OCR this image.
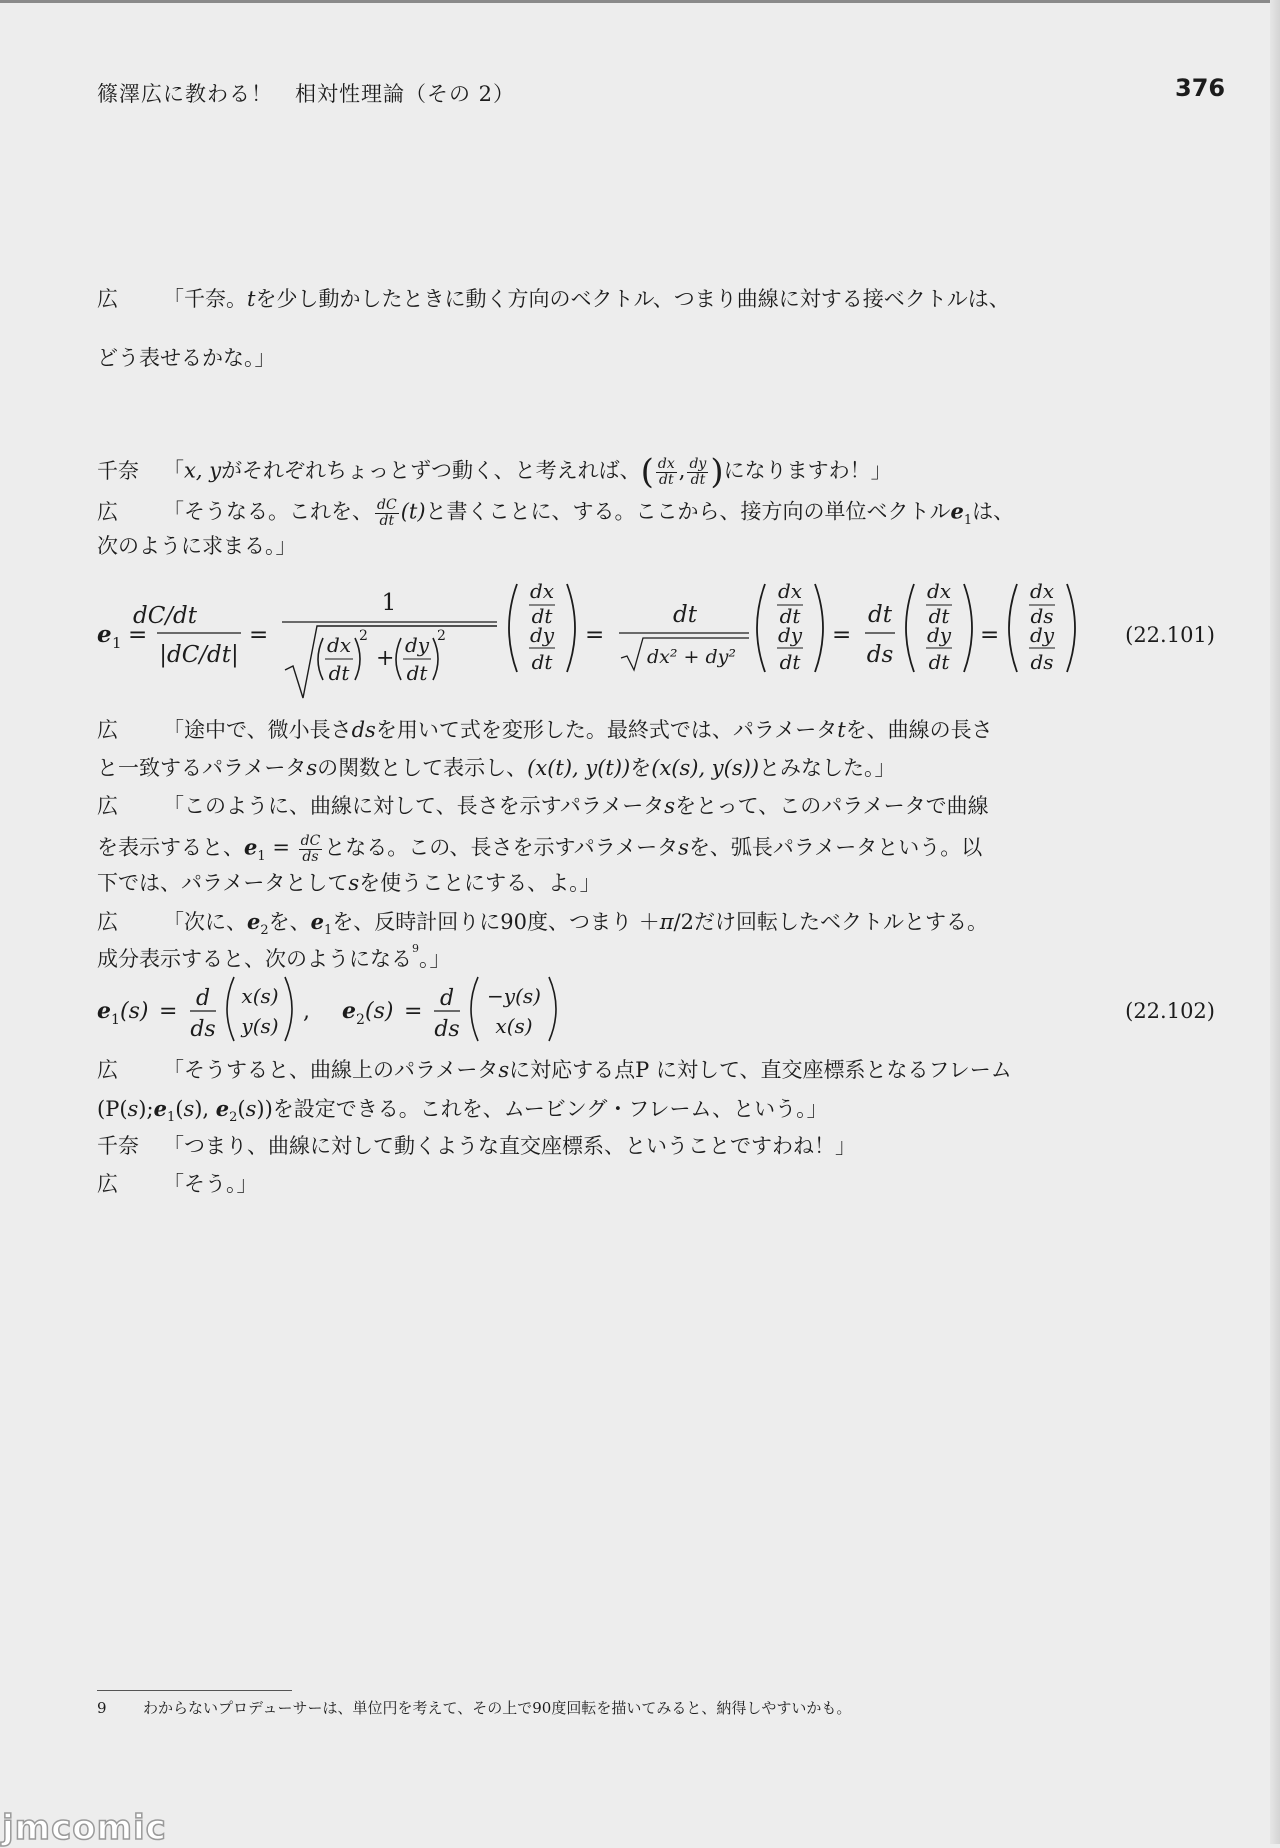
篠澤広に教わる！　相対性理論（その 2）	376
広 「千奈。tを少し動かしたときに動く方向のベクトル、つまり曲線に対する接ベクトルは、
どう表せるかな。」
千奈 「x, yがそれぞれちょっとずつ動く、と考えれば、( $\frac{dx}{dt}$ , $\frac{dy}{dt}$ )になりますわ！」
広 「そうなる。これを、 $\frac{dC}{dt} (t)$と書くことに、する。ここから、接方向の単位ベクトル$e_1$は、
次のように求まる。」
e 1 =
dC/dt
|dC/dt|
=
1
dx
dt
2
+
dy
dt
2
dx
dt
dy
dt
=
dt
dx² + dy²
dx
dt
dy
dt
=
dt
ds
dx
dt
dy
dt
=
dx
ds
dy
ds
(22.101)
広 「途中で、微小長さdsを用いて式を変形した。最終式では、パラメータtを、曲線の長さ
と一致するパラメータsの関数として表示し、(x(t), y(t))を(x(s), y(s))とみなした。」
広 「このように、曲線に対して、長さを示すパラメータsをとって、このパラメータで曲線
を表示すると、$e_1 = \frac{dC}{ds}$ となる。この、長さを示すパラメータsを、弧長パラメータという。以
下では、パラメータとしてsを使うことにする、よ。」
広 「次に、$e_2$を、$e_1$を、反時計回りに90度、つまり ＋π/2だけ回転したベクトルとする。
成分表示すると、次のようになる$^9$。」
e 1 (s) =
d
ds
x(s)
y(s)
, e 2 (s) =
d
ds
−y(s)
x(s)
(22.102)
広 「そうすると、曲線上のパラメータsに対応する点P に対して、直交座標系となるフレーム
($P(s);e_1(s)$, $e_2(s)$)を設定できる。これを、ムービング・フレーム、という。」
千奈 「つまり、曲線に対して動くような直交座標系、ということですわね！」
広 「そう。」
9 わからないプロデューサーは、単位円を考えて、その上で90度回転を描いてみると、納得しやすいかも。
jmcomic
